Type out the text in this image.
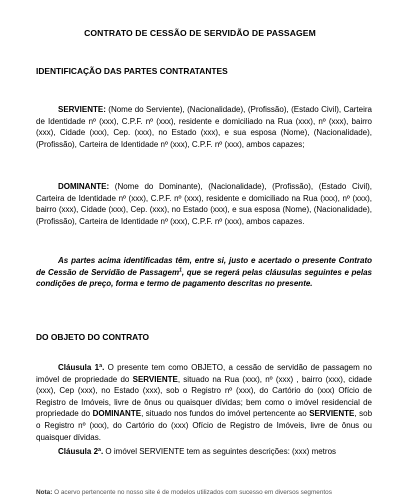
CONTRATO DE CESSÃO DE SERVIDÃO DE PASSAGEM
IDENTIFICAÇÃO DAS PARTES CONTRATANTES
SERVIENTE: (Nome do Serviente), (Nacionalidade), (Profissão), (Estado Civil), Carteira de Identidade nº (xxx), C.P.F. nº (xxx), residente e domiciliado na Rua (xxx), nº (xxx), bairro (xxx), Cidade (xxx), Cep. (xxx), no Estado (xxx), e sua esposa (Nome), (Nacionalidade), (Profissão), Carteira de Identidade nº (xxx), C.P.F. nº (xxx), ambos capazes;
DOMINANTE: (Nome do Dominante), (Nacionalidade), (Profissão), (Estado Civil), Carteira de Identidade nº (xxx), C.P.F. nº (xxx), residente e domiciliado na Rua (xxx), nº (xxx), bairro (xxx), Cidade (xxx), Cep. (xxx), no Estado (xxx), e sua esposa (Nome), (Nacionalidade), (Profissão), Carteira de Identidade nº (xxx), C.P.F. nº (xxx), ambos capazes.
As partes acima identificadas têm, entre si, justo e acertado o presente Contrato de Cessão de Servidão de Passagem$^1$, que se regerá pelas cláusulas seguintes e pelas condições de preço, forma e termo de pagamento descritas no presente.
DO OBJETO DO CONTRATO
Cláusula 1ª. O presente tem como OBJETO, a cessão de servidão de passagem no imóvel de propriedade do SERVIENTE, situado na Rua (xxx), nº (xxx) , bairro (xxx), cidade (xxx), Cep (xxx), no Estado (xxx), sob o Registro nº (xxx), do Cartório do (xxx) Ofício de Registro de Imóveis, livre de ônus ou quaisquer dívidas; bem como o imóvel residencial de propriedade do DOMINANTE, situado nos fundos do imóvel pertencente ao SERVIENTE, sob o Registro nº (xxx), do Cartório do (xxx) Ofício de Registro de Imóveis, livre de ônus ou quaisquer dívidas.
Cláusula 2ª. O imóvel SERVIENTE tem as seguintes descrições: (xxx) metros
Nota: O acervo pertencente no nosso site é de modelos utilizados com sucesso em diversos segmentos
